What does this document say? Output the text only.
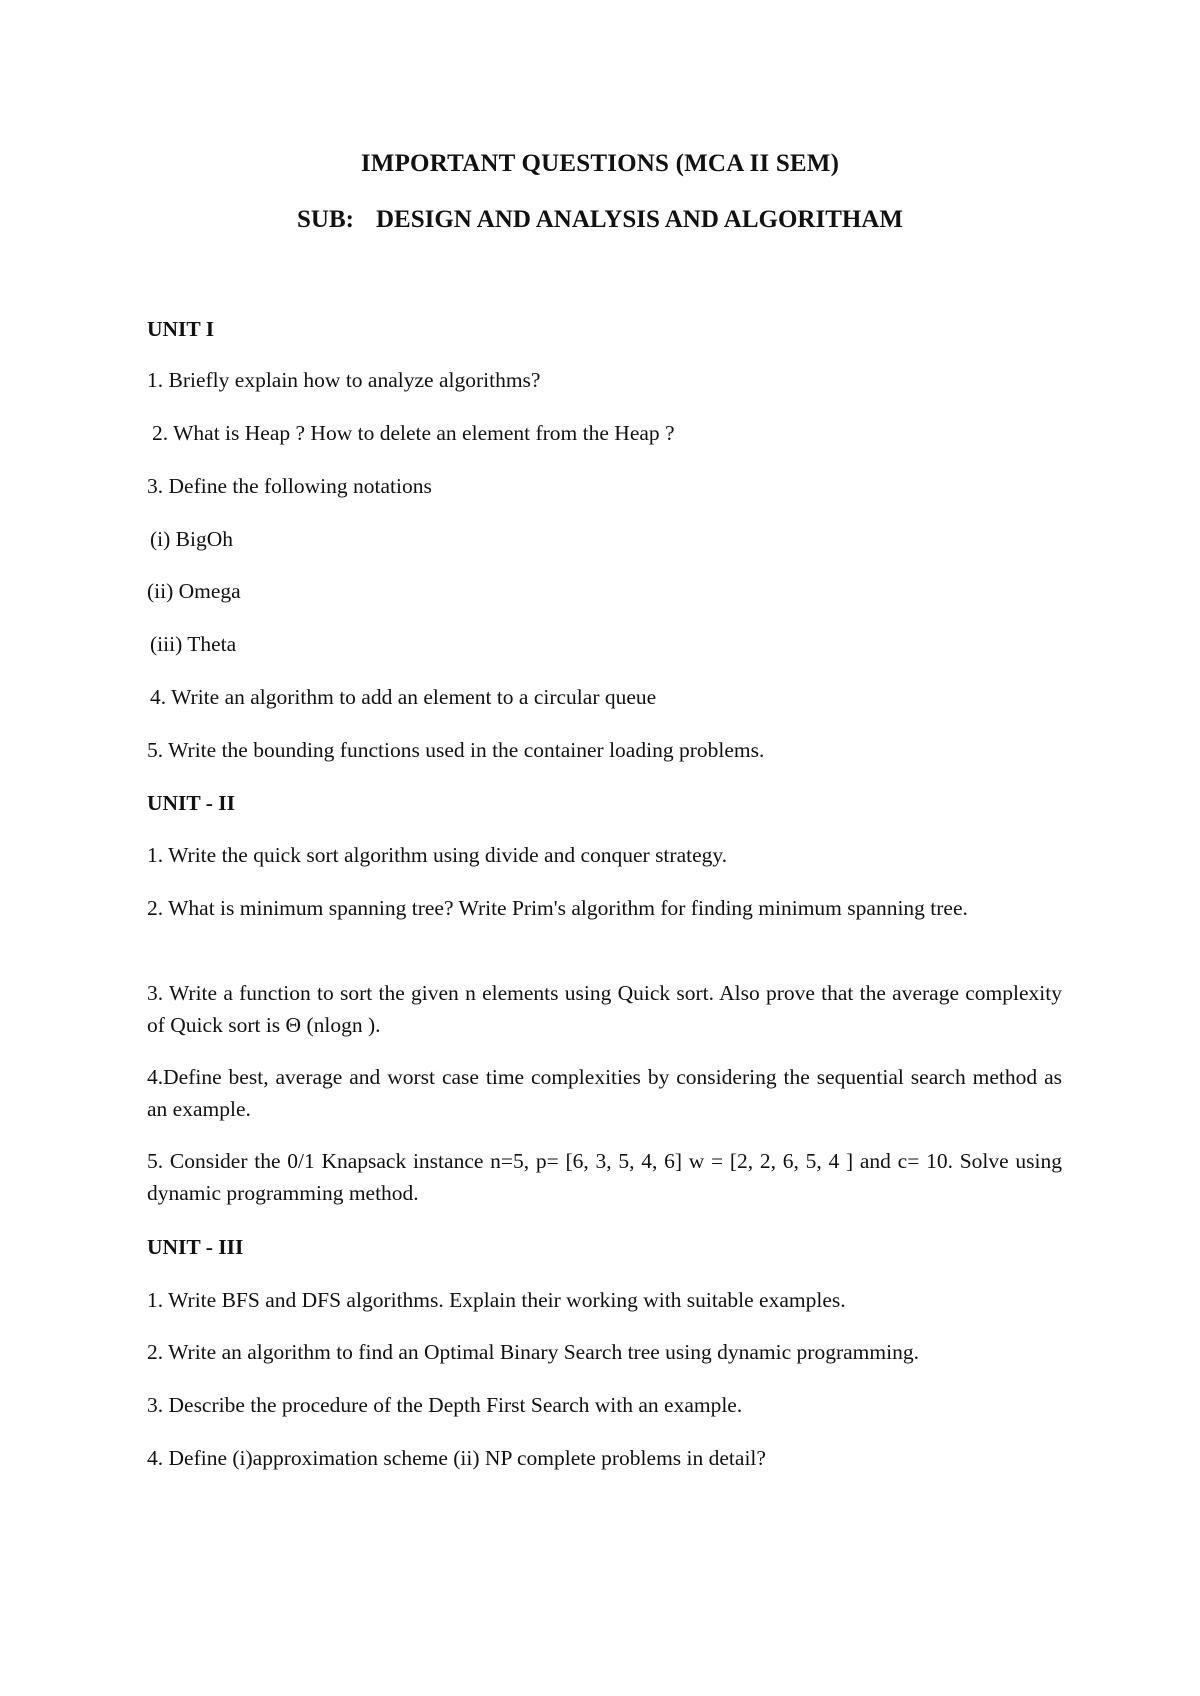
IMPORTANT QUESTIONS (MCA II SEM)
SUB: DESIGN AND ANALYSIS AND ALGORITHAM
UNIT I
1. Briefly explain how to analyze algorithms?
2. What is Heap ? How to delete an element from the Heap ?
3. Define the following notations
(i) BigOh
(ii) Omega
(iii) Theta
4. Write an algorithm to add an element to a circular queue
5. Write the bounding functions used in the container loading problems.
UNIT - II
1. Write the quick sort algorithm using divide and conquer strategy.
2. What is minimum spanning tree? Write Prim's algorithm for finding minimum spanning tree.
3. Write a function to sort the given n elements using Quick sort. Also prove that the average complexity of Quick sort is Θ (nlogn ).
4.Define best, average and worst case time complexities by considering the sequential search method as an example.
5. Consider the 0/1 Knapsack instance n=5, p= [6, 3, 5, 4, 6] w = [2, 2, 6, 5, 4 ] and c= 10. Solve using dynamic programming method.
UNIT - III
1. Write BFS and DFS algorithms. Explain their working with suitable examples.
2. Write an algorithm to find an Optimal Binary Search tree using dynamic programming.
3. Describe the procedure of the Depth First Search with an example.
4. Define (i)approximation scheme (ii) NP complete problems in detail?
